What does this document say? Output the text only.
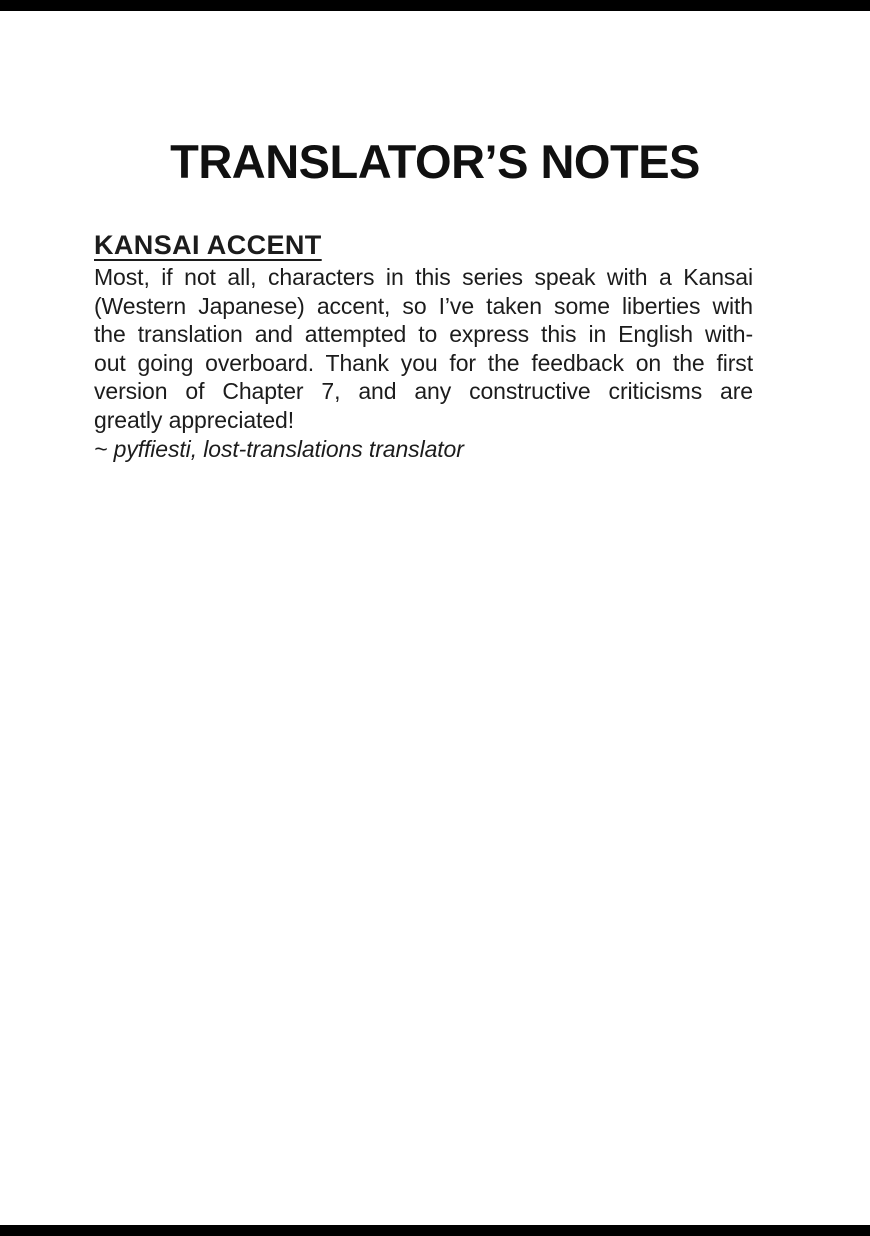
TRANSLATOR’S NOTES
KANSAI ACCENT
Most, if not all, characters in this series speak with a Kansai
(Western Japanese) accent, so I’ve taken some liberties with
the translation and attempted to express this in English with-
out going overboard. Thank you for the feedback on the first
version of Chapter 7, and any constructive criticisms are
greatly appreciated!
~ pyffiesti, lost-translations translator
